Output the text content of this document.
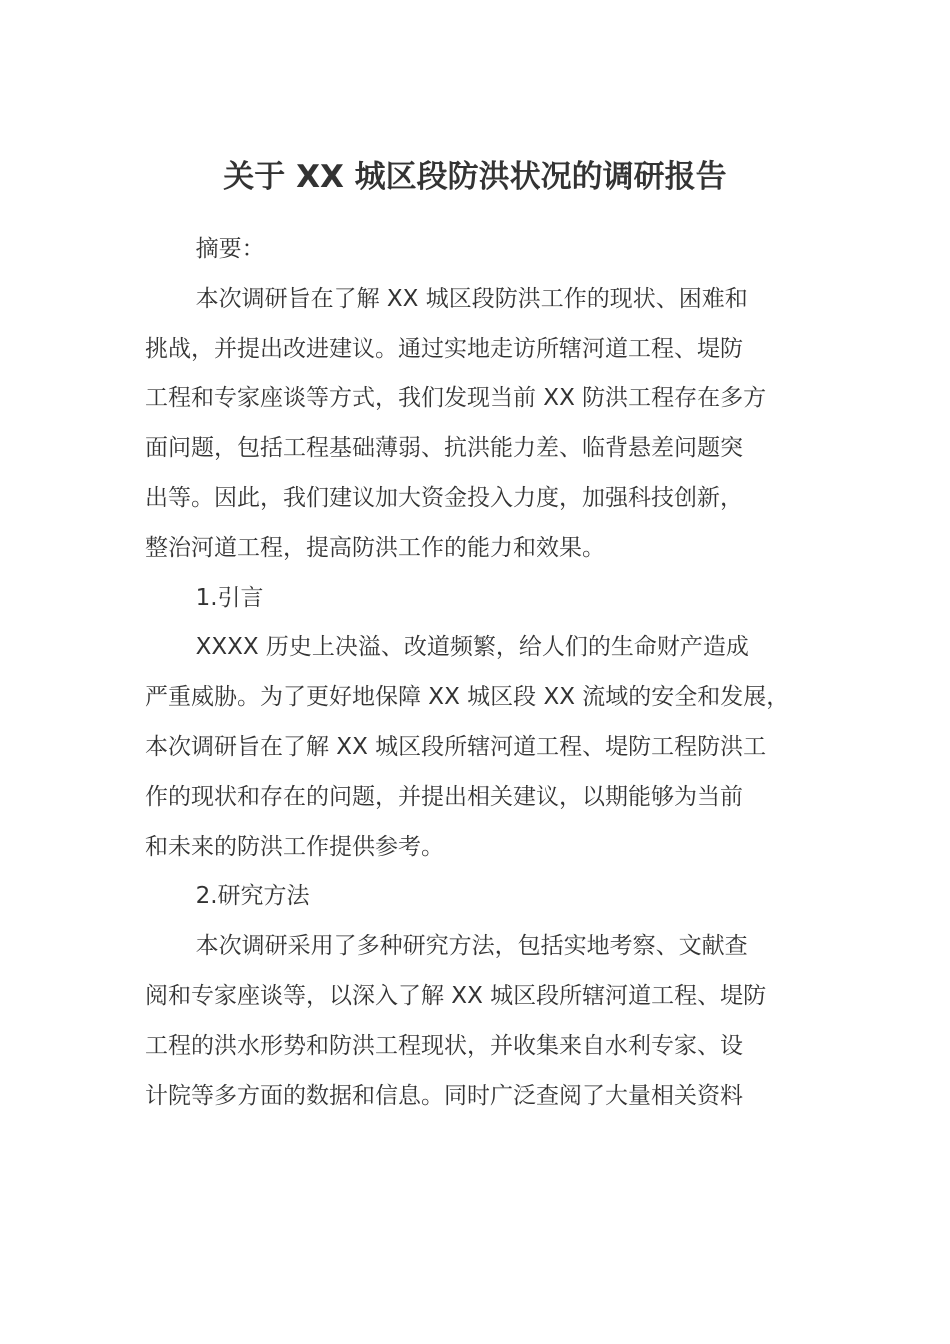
关于 XX 城区段防洪状况的调研报告

摘要：

本次调研旨在了解 XX 城区段防洪工作的现状、困难和
挑战，并提出改进建议。通过实地走访所辖河道工程、堤防
工程和专家座谈等方式，我们发现当前 XX 防洪工程存在多方
面问题，包括工程基础薄弱、抗洪能力差、临背悬差问题突
出等。因此，我们建议加大资金投入力度，加强科技创新，
整治河道工程，提高防洪工作的能力和效果。

1.引言

XXXX 历史上决溢、改道频繁，给人们的生命财产造成
严重威胁。为了更好地保障 XX 城区段 XX 流域的安全和发展，
本次调研旨在了解 XX 城区段所辖河道工程、堤防工程防洪工
作的现状和存在的问题，并提出相关建议，以期能够为当前
和未来的防洪工作提供参考。

2.研究方法

本次调研采用了多种研究方法，包括实地考察、文献查
阅和专家座谈等，以深入了解 XX 城区段所辖河道工程、堤防
工程的洪水形势和防洪工程现状，并收集来自水利专家、设
计院等多方面的数据和信息。同时广泛查阅了大量相关资料
